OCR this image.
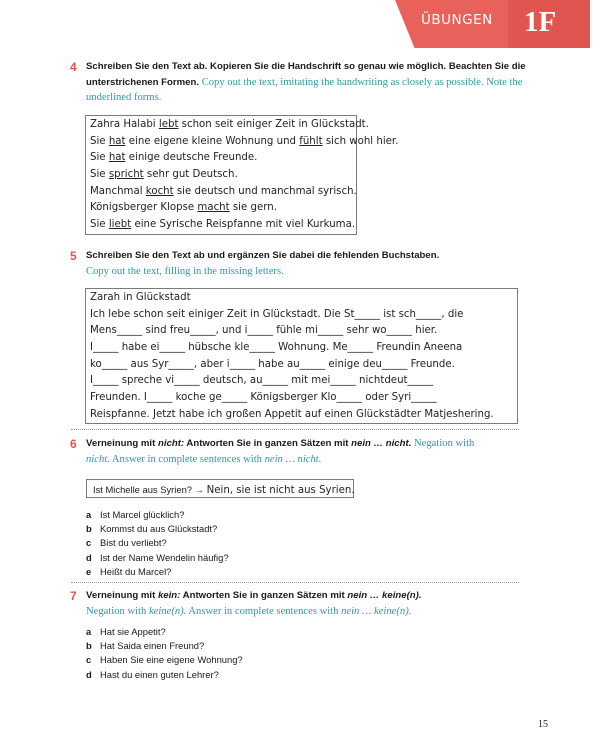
ÜBUNGEN 1F
4 Schreiben Sie den Text ab. Kopieren Sie die Handschrift so genau wie möglich. Beachten Sie die unterstrichenen Formen. Copy out the text, imitating the handwriting as closely as possible. Note the underlined forms.
Zahra Halabi lebt schon seit einiger Zeit in Glückstadt.
Sie hat eine eigene kleine Wohnung und fühlt sich wohl hier.
Sie hat einige deutsche Freunde.
Sie spricht sehr gut Deutsch.
Manchmal kocht sie deutsch und manchmal syrisch.
Königsberger Klopse macht sie gern.
Sie liebt eine Syrische Reispfanne mit viel Kurkuma.
5 Schreiben Sie den Text ab und ergänzen Sie dabei die fehlenden Buchstaben.
Copy out the text, filling in the missing letters.
Zarah in Glückstadt
Ich lebe schon seit einiger Zeit in Glückstadt. Die St_____ ist sch_____, die
Mens_____ sind freu_____, und i_____ fühle mi_____ sehr wo_____ hier.
I_____ habe ei_____ hübsche kle_____ Wohnung. Me_____ Freundin Aneena
ko_____ aus Syr_____, aber i_____ habe au_____ einige deu_____ Freunde.
I_____ spreche vi_____ deutsch, au_____ mit mei_____ nichtdeut_____
Freunden. I_____ koche ge_____ Königsberger Klo_____ oder Syri_____
Reispfanne. Jetzt habe ich großen Appetit auf einen Glückstädter Matjeshering.
6 Verneinung mit nicht: Antworten Sie in ganzen Sätzen mit nein … nicht. Negation with
nicht. Answer in complete sentences with nein … nicht.
Ist Michelle aus Syrien? → Nein, sie ist nicht aus Syrien.
a Ist Marcel glücklich?
b Kommst du aus Glückstadt?
c Bist du verliebt?
d Ist der Name Wendelin häufig?
e Heißt du Marcel?
7 Verneinung mit kein: Antworten Sie in ganzen Sätzen mit nein … keine(n).
Negation with keine(n). Answer in complete sentences with nein … keine(n).
a Hat sie Appetit?
b Hat Saida einen Freund?
c Haben Sie eine eigene Wohnung?
d Hast du einen guten Lehrer?
15
